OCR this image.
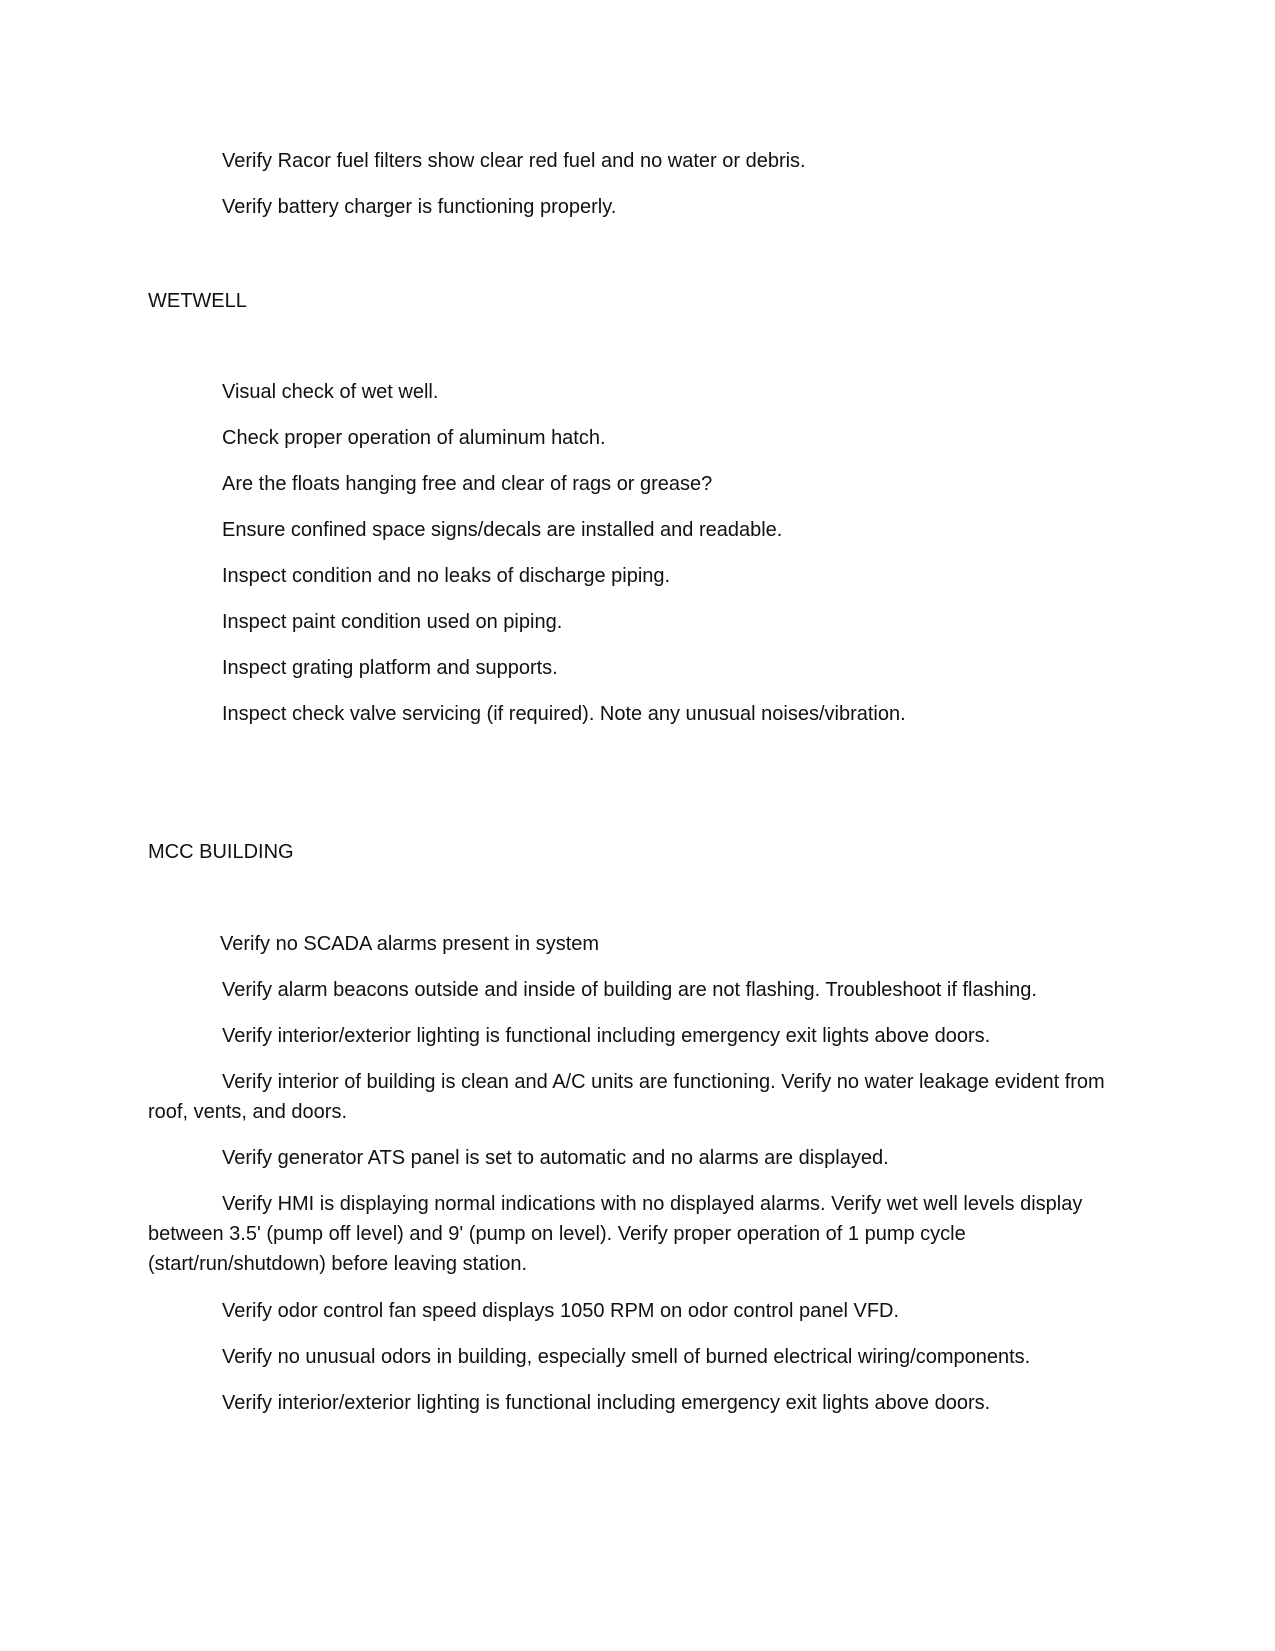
Verify Racor fuel filters show clear red fuel and no water or debris.

Verify battery charger is functioning properly.

WETWELL

Visual check of wet well.

Check proper operation of aluminum hatch.

Are the floats hanging free and clear of rags or grease?

Ensure confined space signs/decals are installed and readable.

Inspect condition and no leaks of discharge piping.

Inspect paint condition used on piping.

Inspect grating platform and supports.

Inspect check valve servicing (if required). Note any unusual noises/vibration.

MCC BUILDING

Verify no SCADA alarms present in system

Verify alarm beacons outside and inside of building are not flashing. Troubleshoot if flashing.

Verify interior/exterior lighting is functional including emergency exit lights above doors.

Verify interior of building is clean and A/C units are functioning. Verify no water leakage evident from roof, vents, and doors.

Verify generator ATS panel is set to automatic and no alarms are displayed.

Verify HMI is displaying normal indications with no displayed alarms. Verify wet well levels display between 3.5' (pump off level) and 9' (pump on level). Verify proper operation of 1 pump cycle (start/run/shutdown) before leaving station.

Verify odor control fan speed displays 1050 RPM on odor control panel VFD.

Verify no unusual odors in building, especially smell of burned electrical wiring/components.

Verify interior/exterior lighting is functional including emergency exit lights above doors.
